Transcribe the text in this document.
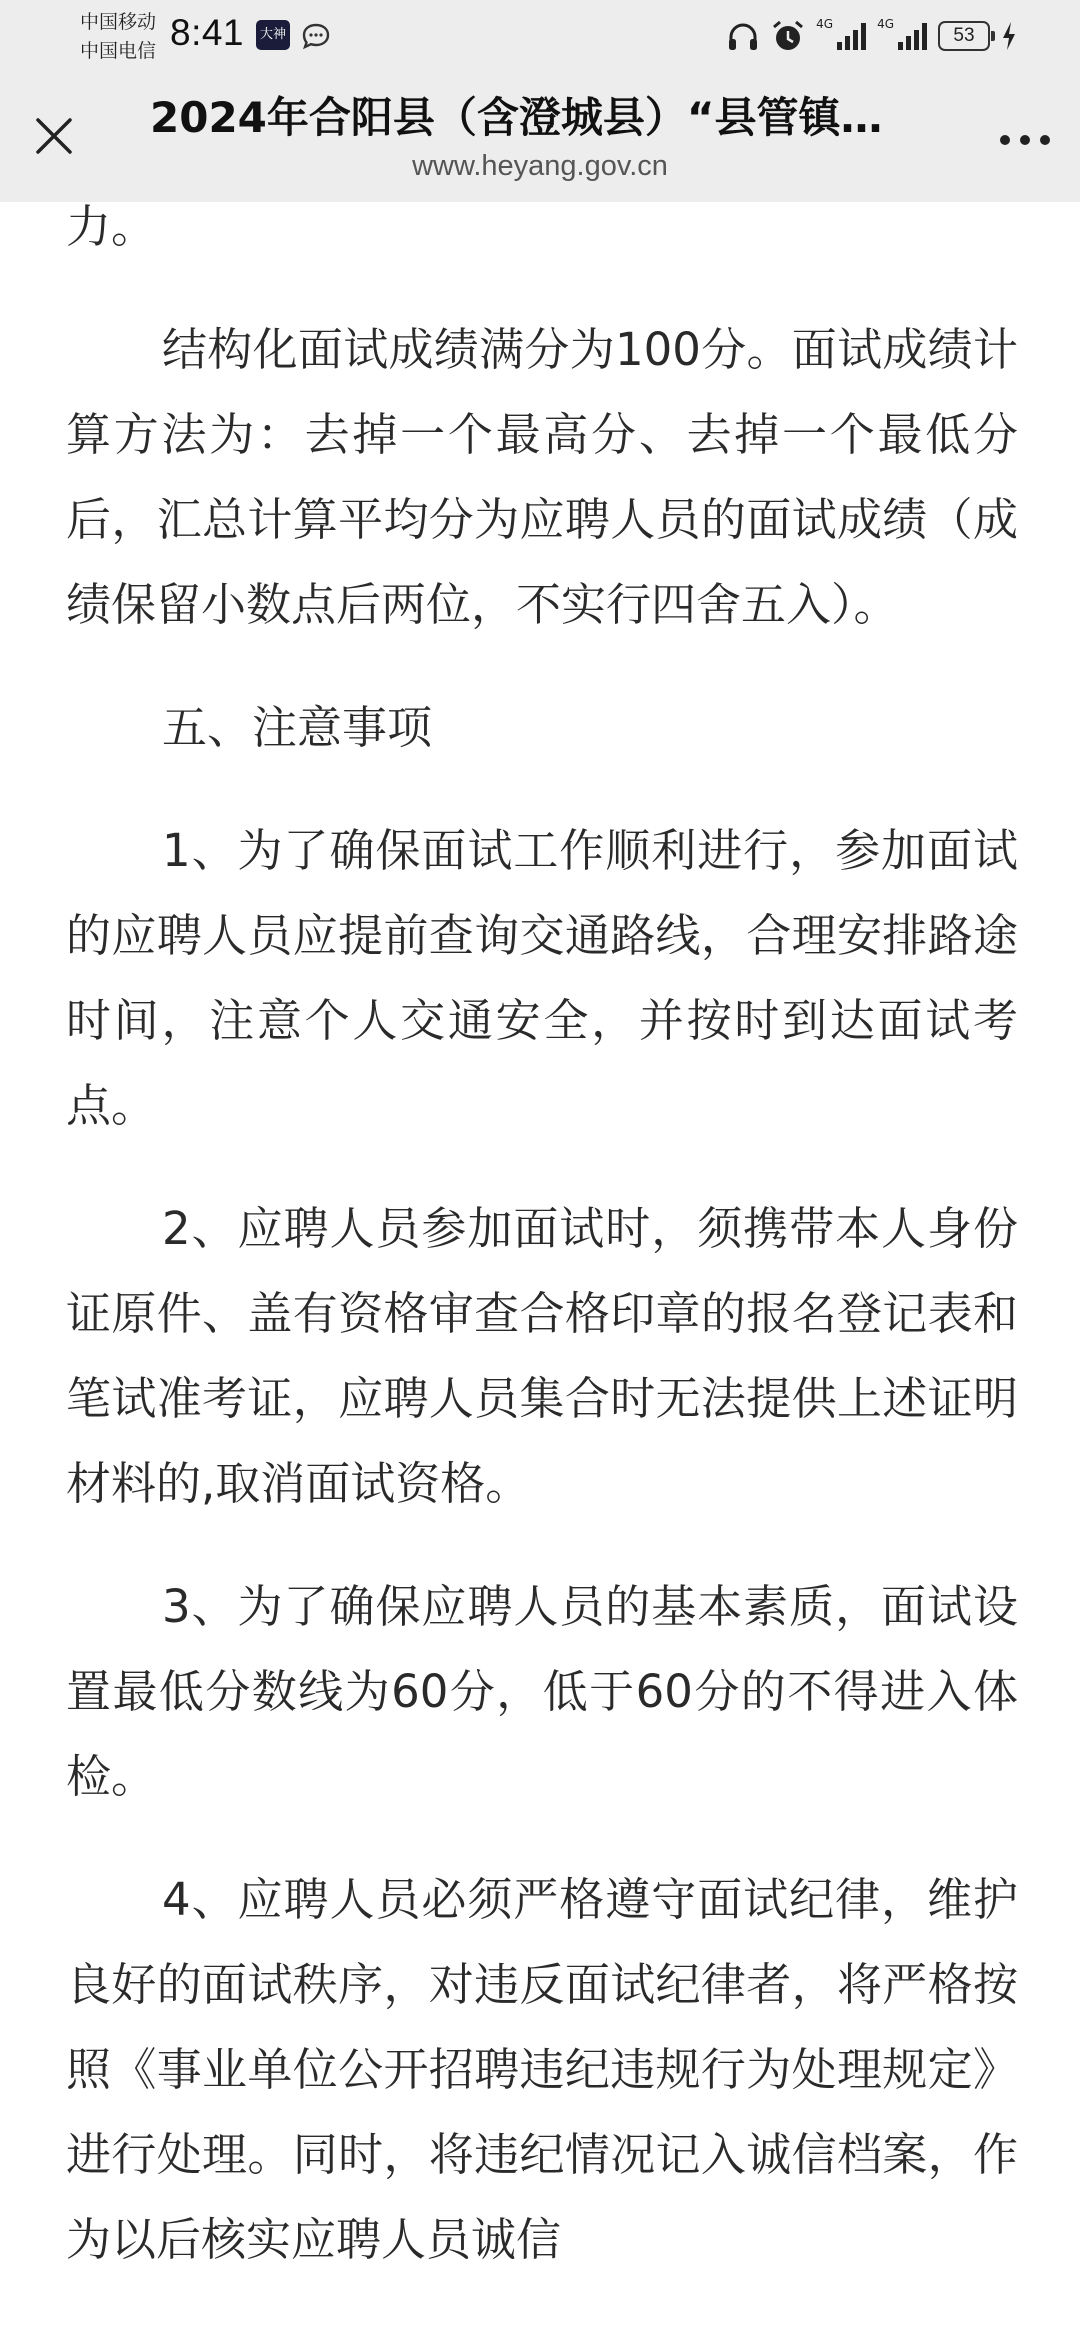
中国移动
中国电信 8:41	大神
4G	4G
53
2024年合阳县（含澄城县）“县管镇…
www.heyang.gov.cn

力。

结构化面试成绩满分为100分。面试成绩计算方法为：去掉一个最高分、去掉一个最低分后，汇总计算平均分为应聘人员的面试成绩（成绩保留小数点后两位，不实行四舍五入）。

五、注意事项

1、为了确保面试工作顺利进行，参加面试的应聘人员应提前查询交通路线，合理安排路途时间，注意个人交通安全，并按时到达面试考点。

2、应聘人员参加面试时，须携带本人身份证原件、盖有资格审查合格印章的报名登记表和笔试准考证，应聘人员集合时无法提供上述证明材料的,取消面试资格。

3、为了确保应聘人员的基本素质，面试设置最低分数线为60分，低于60分的不得进入体检。

4、应聘人员必须严格遵守面试纪律，维护良好的面试秩序，对违反面试纪律者，将严格按照《事业单位公开招聘违纪违规行为处理规定》进行处理。同时，将违纪情况记入诚信档案，作为以后核实应聘人员诚信
